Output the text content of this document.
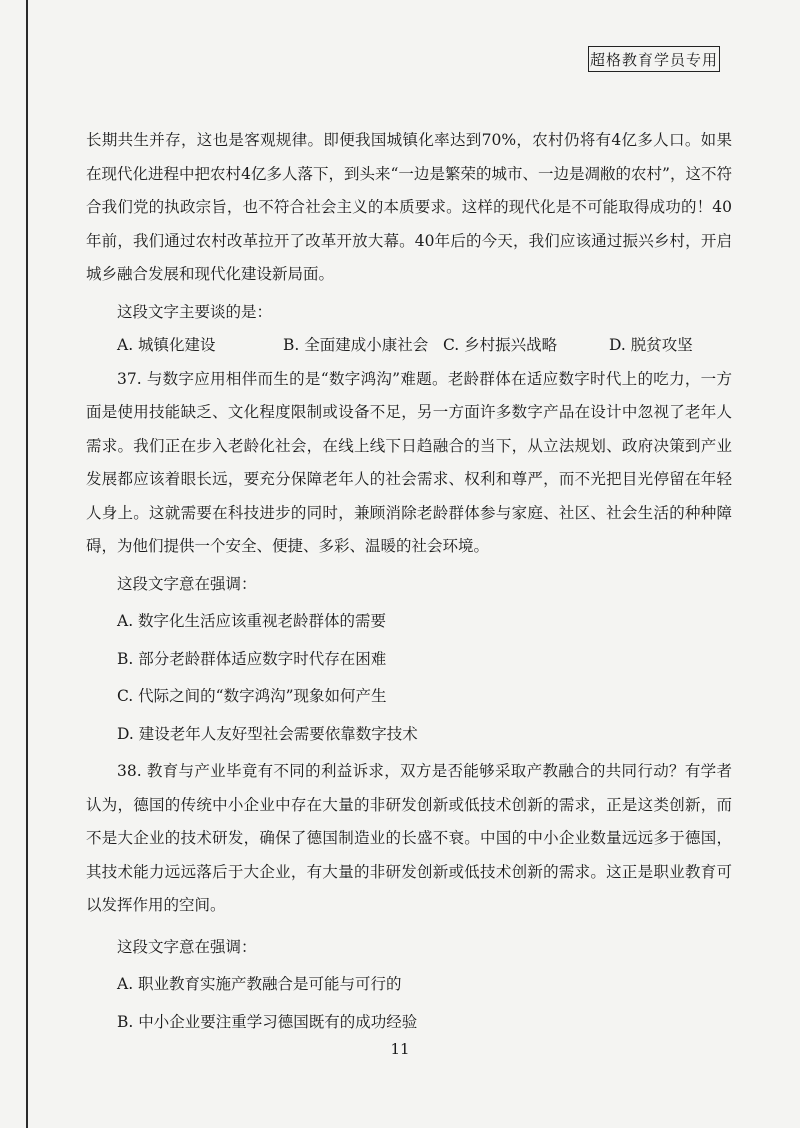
超格教育学员专用

长期共生并存，这也是客观规律。即便我国城镇化率达到70%，农村仍将有4亿多人口。如果在现代化进程中把农村4亿多人落下，到头来“一边是繁荣的城市、一边是凋敝的农村”，这不符合我们党的执政宗旨，也不符合社会主义的本质要求。这样的现代化是不可能取得成功的！40年前，我们通过农村改革拉开了改革开放大幕。40年后的今天，我们应该通过振兴乡村，开启城乡融合发展和现代化建设新局面。

这段文字主要谈的是：

A. 城镇化建设	B. 全面建成小康社会 C. 乡村振兴战略	D. 脱贫攻坚

37. 与数字应用相伴而生的是“数字鸿沟”难题。老龄群体在适应数字时代上的吃力，一方面是使用技能缺乏、文化程度限制或设备不足，另一方面许多数字产品在设计中忽视了老年人需求。我们正在步入老龄化社会，在线上线下日趋融合的当下，从立法规划、政府决策到产业发展都应该着眼长远，要充分保障老年人的社会需求、权利和尊严，而不光把目光停留在年轻人身上。这就需要在科技进步的同时，兼顾消除老龄群体参与家庭、社区、社会生活的种种障碍，为他们提供一个安全、便捷、多彩、温暖的社会环境。

这段文字意在强调：

A. 数字化生活应该重视老龄群体的需要

B. 部分老龄群体适应数字时代存在困难

C. 代际之间的“数字鸿沟”现象如何产生

D. 建设老年人友好型社会需要依靠数字技术

38. 教育与产业毕竟有不同的利益诉求，双方是否能够采取产教融合的共同行动？有学者认为，德国的传统中小企业中存在大量的非研发创新或低技术创新的需求，正是这类创新，而不是大企业的技术研发，确保了德国制造业的长盛不衰。中国的中小企业数量远远多于德国，其技术能力远远落后于大企业，有大量的非研发创新或低技术创新的需求。这正是职业教育可以发挥作用的空间。

这段文字意在强调：

A. 职业教育实施产教融合是可能与可行的

B. 中小企业要注重学习德国既有的成功经验

11
